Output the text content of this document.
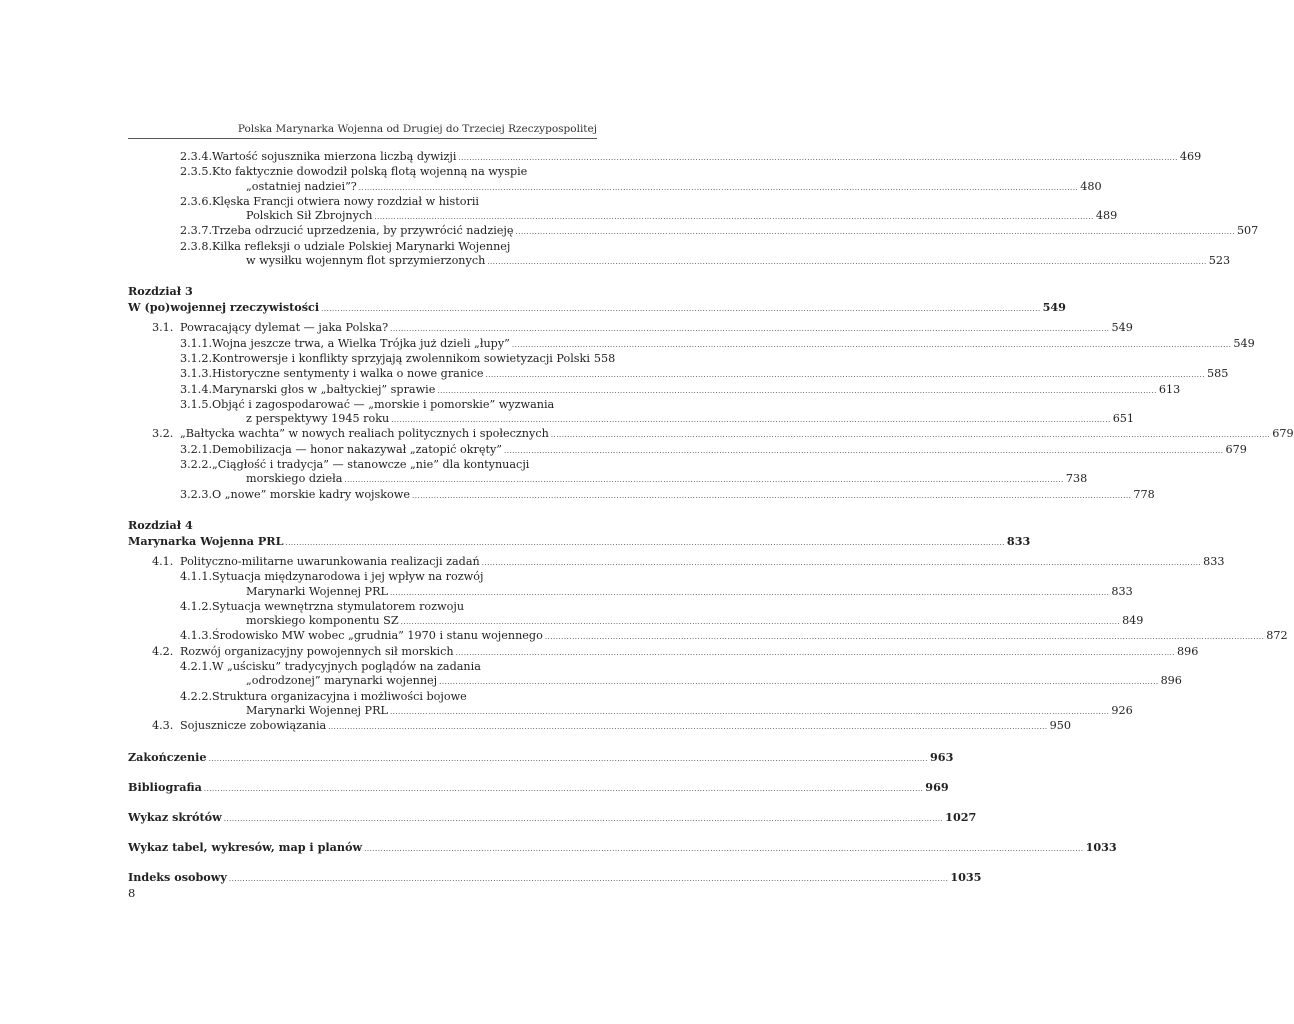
Polska Marynarka Wojenna od Drugiej do Trzeciej Rzeczypospolitej
2.3.4. Wartość sojusznika mierzona liczbą dywizji .....	469
2.3.5. Kto faktycznie dowodził polską flotą wojenną na wyspie
„ostatniej nadziei”? .....	480
2.3.6. Klęska Francji otwiera nowy rozdział w historii
Polskich Sił Zbrojnych .....	489
2.3.7. Trzeba odrzucić uprzedzenia, by przywrócić nadzieję .....	507
2.3.8. Kilka refleksji o udziale Polskiej Marynarki Wojennej
w wysiłku wojennym flot sprzymierzonych .....	523
Rozdział 3
W (po)wojennej rzeczywistości .....	549
3.1. Powracający dylemat — jaka Polska? .....	549
3.1.1. Wojna jeszcze trwa, a Wielka Trójka już dzieli „łupy” .....	549
3.1.2. Kontrowersje i konflikty sprzyjają zwolennikom sowietyzacji Polski 558
3.1.3. Historyczne sentymenty i walka o nowe granice .....	585
3.1.4. Marynarski głos w „bałtyckiej” sprawie .....	613
3.1.5. Objąć i zagospodarować — „morskie i pomorskie” wyzwania
z perspektywy 1945 roku .....	651
3.2. „Bałtycka wachta” w nowych realiach politycznych i społecznych .....	679
3.2.1. Demobilizacja — honor nakazywał „zatopić okręty” .....	679
3.2.2. „Ciągłość i tradycja” — stanowcze „nie” dla kontynuacji
morskiego dzieła .....	738
3.2.3. O „nowe” morskie kadry wojskowe .....	778
Rozdział 4
Marynarka Wojenna PRL .....	833
4.1. Polityczno-militarne uwarunkowania realizacji zadań .....	833
4.1.1. Sytuacja międzynarodowa i jej wpływ na rozwój
Marynarki Wojennej PRL .....	833
4.1.2. Sytuacja wewnętrzna stymulatorem rozwoju
morskiego komponentu SZ .....	849
4.1.3. Środowisko MW wobec „grudnia” 1970 i stanu wojennego .....	872
4.2. Rozwój organizacyjny powojennych sił morskich .....	896
4.2.1. W „uścisku” tradycyjnych poglądów na zadania
„odrodzonej” marynarki wojennej .....	896
4.2.2. Struktura organizacyjna i możliwości bojowe
Marynarki Wojennej PRL .....	926
4.3. Sojusznicze zobowiązania .....	950
Zakończenie .....	963
Bibliografia .....	969
Wykaz skrótów .....	1027
Wykaz tabel, wykresów, map i planów .....	1033
Indeks osobowy .....	1035
8
